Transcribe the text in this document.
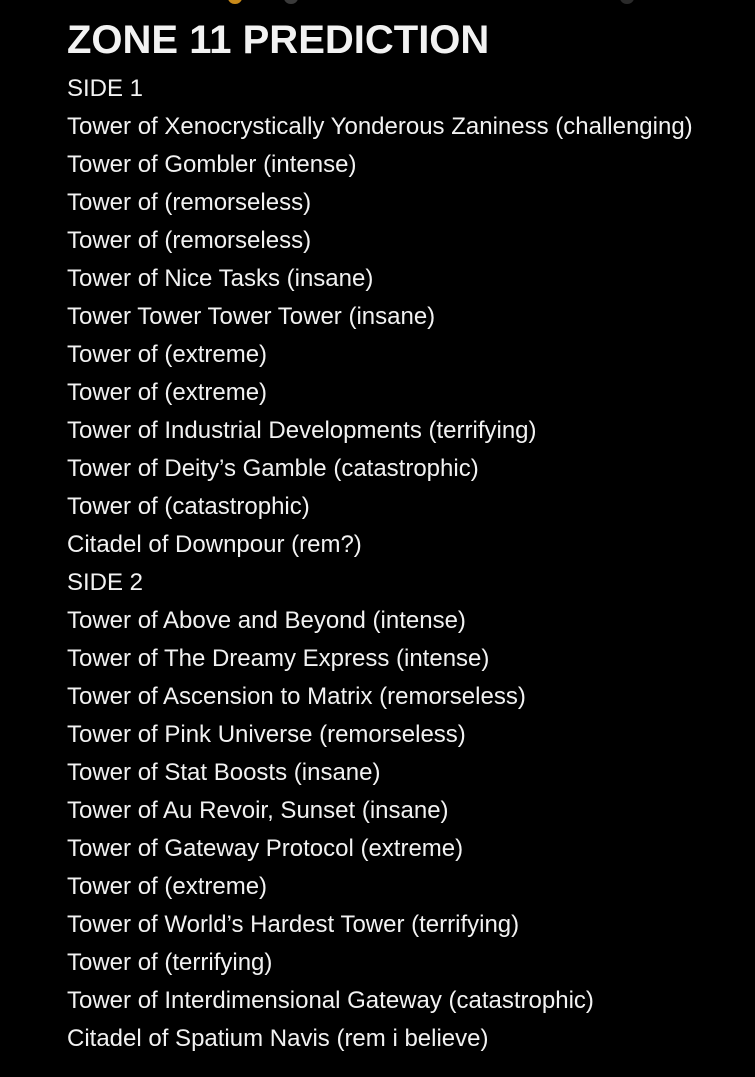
ZONE 11 PREDICTION
SIDE 1
Tower of Xenocrystically Yonderous Zaniness (challenging)
Tower of Gombler (intense)
Tower of (remorseless)
Tower of (remorseless)
Tower of Nice Tasks (insane)
Tower Tower Tower Tower (insane)
Tower of (extreme)
Tower of (extreme)
Tower of Industrial Developments (terrifying)
Tower of Deity’s Gamble (catastrophic)
Tower of (catastrophic)
Citadel of Downpour (rem?)
SIDE 2
Tower of Above and Beyond (intense)
Tower of The Dreamy Express (intense)
Tower of Ascension to Matrix (remorseless)
Tower of Pink Universe (remorseless)
Tower of Stat Boosts (insane)
Tower of Au Revoir, Sunset (insane)
Tower of Gateway Protocol (extreme)
Tower of (extreme)
Tower of World’s Hardest Tower (terrifying)
Tower of (terrifying)
Tower of Interdimensional Gateway (catastrophic)
Citadel of Spatium Navis (rem i believe)
